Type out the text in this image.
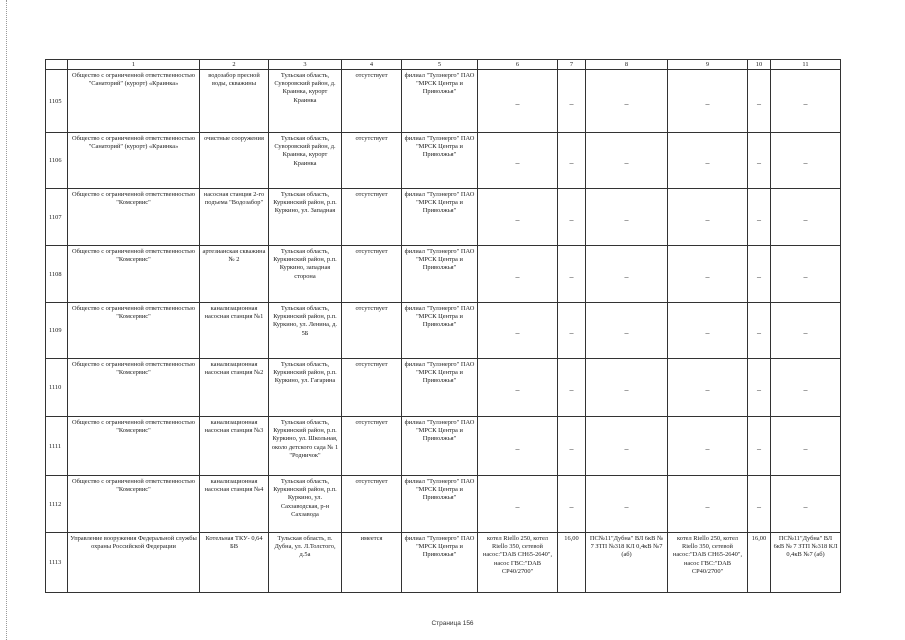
	1	2	3	4	5	6	7	8	9	10	11
1105	Общество с ограниченной ответственностью "Санаторий" (курорт) «Краинка»	водозабор пресной воды, скважины	Тульская область, Суворовский район, д. Краинка, курорт Краинка	отсутствует	филиал "Тулэнерго" ПАО "МРСК Центра и Приволжья"	–	–	–	–	–	–
1106	Общество с ограниченной ответственностью "Санаторий" (курорт) «Краинка»	очистные сооружения	Тульская область, Суворовский район, д. Краинка, курорт Краинка	отсутствует	филиал "Тулэнерго" ПАО "МРСК Центра и Приволжья"	–	–	–	–	–	–
1107	Общество с ограниченной ответственностью "Комсервис"	насосная станция 2-го подъема "Водозабор"	Тульская область, Куркинский район, р.п. Куркино, ул. Западная	отсутствует	филиал "Тулэнерго" ПАО "МРСК Центра и Приволжья"	–	–	–	–	–	–
1108	Общество с ограниченной ответственностью "Комсервис"	артезианская скважина № 2	Тульская область, Куркинский район, р.п. Куркино, западная сторона	отсутствует	филиал "Тулэнерго" ПАО "МРСК Центра и Приволжья"	–	–	–	–	–	–
1109	Общество с ограниченной ответственностью "Комсервис"	канализационная насосная станция №1	Тульская область, Куркинский район, р.п. Куркино, ул. Ленина, д. 5Б	отсутствует	филиал "Тулэнерго" ПАО "МРСК Центра и Приволжья"	–	–	–	–	–	–
1110	Общество с ограниченной ответственностью "Комсервис"	канализационная насосная станция №2	Тульская область, Куркинский район, р.п. Куркино, ул. Гагарина	отсутствует	филиал "Тулэнерго" ПАО "МРСК Центра и Приволжья"	–	–	–	–	–	–
1111	Общество с ограниченной ответственностью "Комсервис"	канализационная насосная станция №3	Тульская область, Куркинский район, р.п. Куркино, ул. Школьная, около детского сада № 1 "Родничок"	отсутствует	филиал "Тулэнерго" ПАО "МРСК Центра и Приволжья"	–	–	–	–	–	–
1112	Общество с ограниченной ответственностью "Комсервис"	канализационная насосная станция №4	Тульская область, Куркинский район, р.п. Куркино, ул. Сахзаводская, р-н Сахзавода	отсутствует	филиал "Тулэнерго" ПАО "МРСК Центра и Приволжья"	–	–	–	–	–	–
1113	Управление вооружения Федеральной службы охраны Российской Федерации	Котельная ТКУ- 0,64 БВ	Тульская область, п. Дубна, ул. Л.Толстого, д.5а	имеется	филиал "Тулэнерго" ПАО "МРСК Центра и Приволжья"	котел Riello 250, котел Riello 350, сетевой насос:"DAB CH65-2640", насос ГВС:"DAB CP40/2700"	16,00	ПС№11"Дубна" ВЛ 6кВ № 7 ЗТП №318 КЛ 0,4кВ №7 (аб)	котел Riello 250, котел Riello 350, сетевой насос:"DAB CH65-2640", насос ГВС:"DAB CP40/2700"	16,00	ПС№11"Дубна" ВЛ 6кВ № 7 ЗТП №318 КЛ 0,4кВ №7 (аб)
Страница 156
